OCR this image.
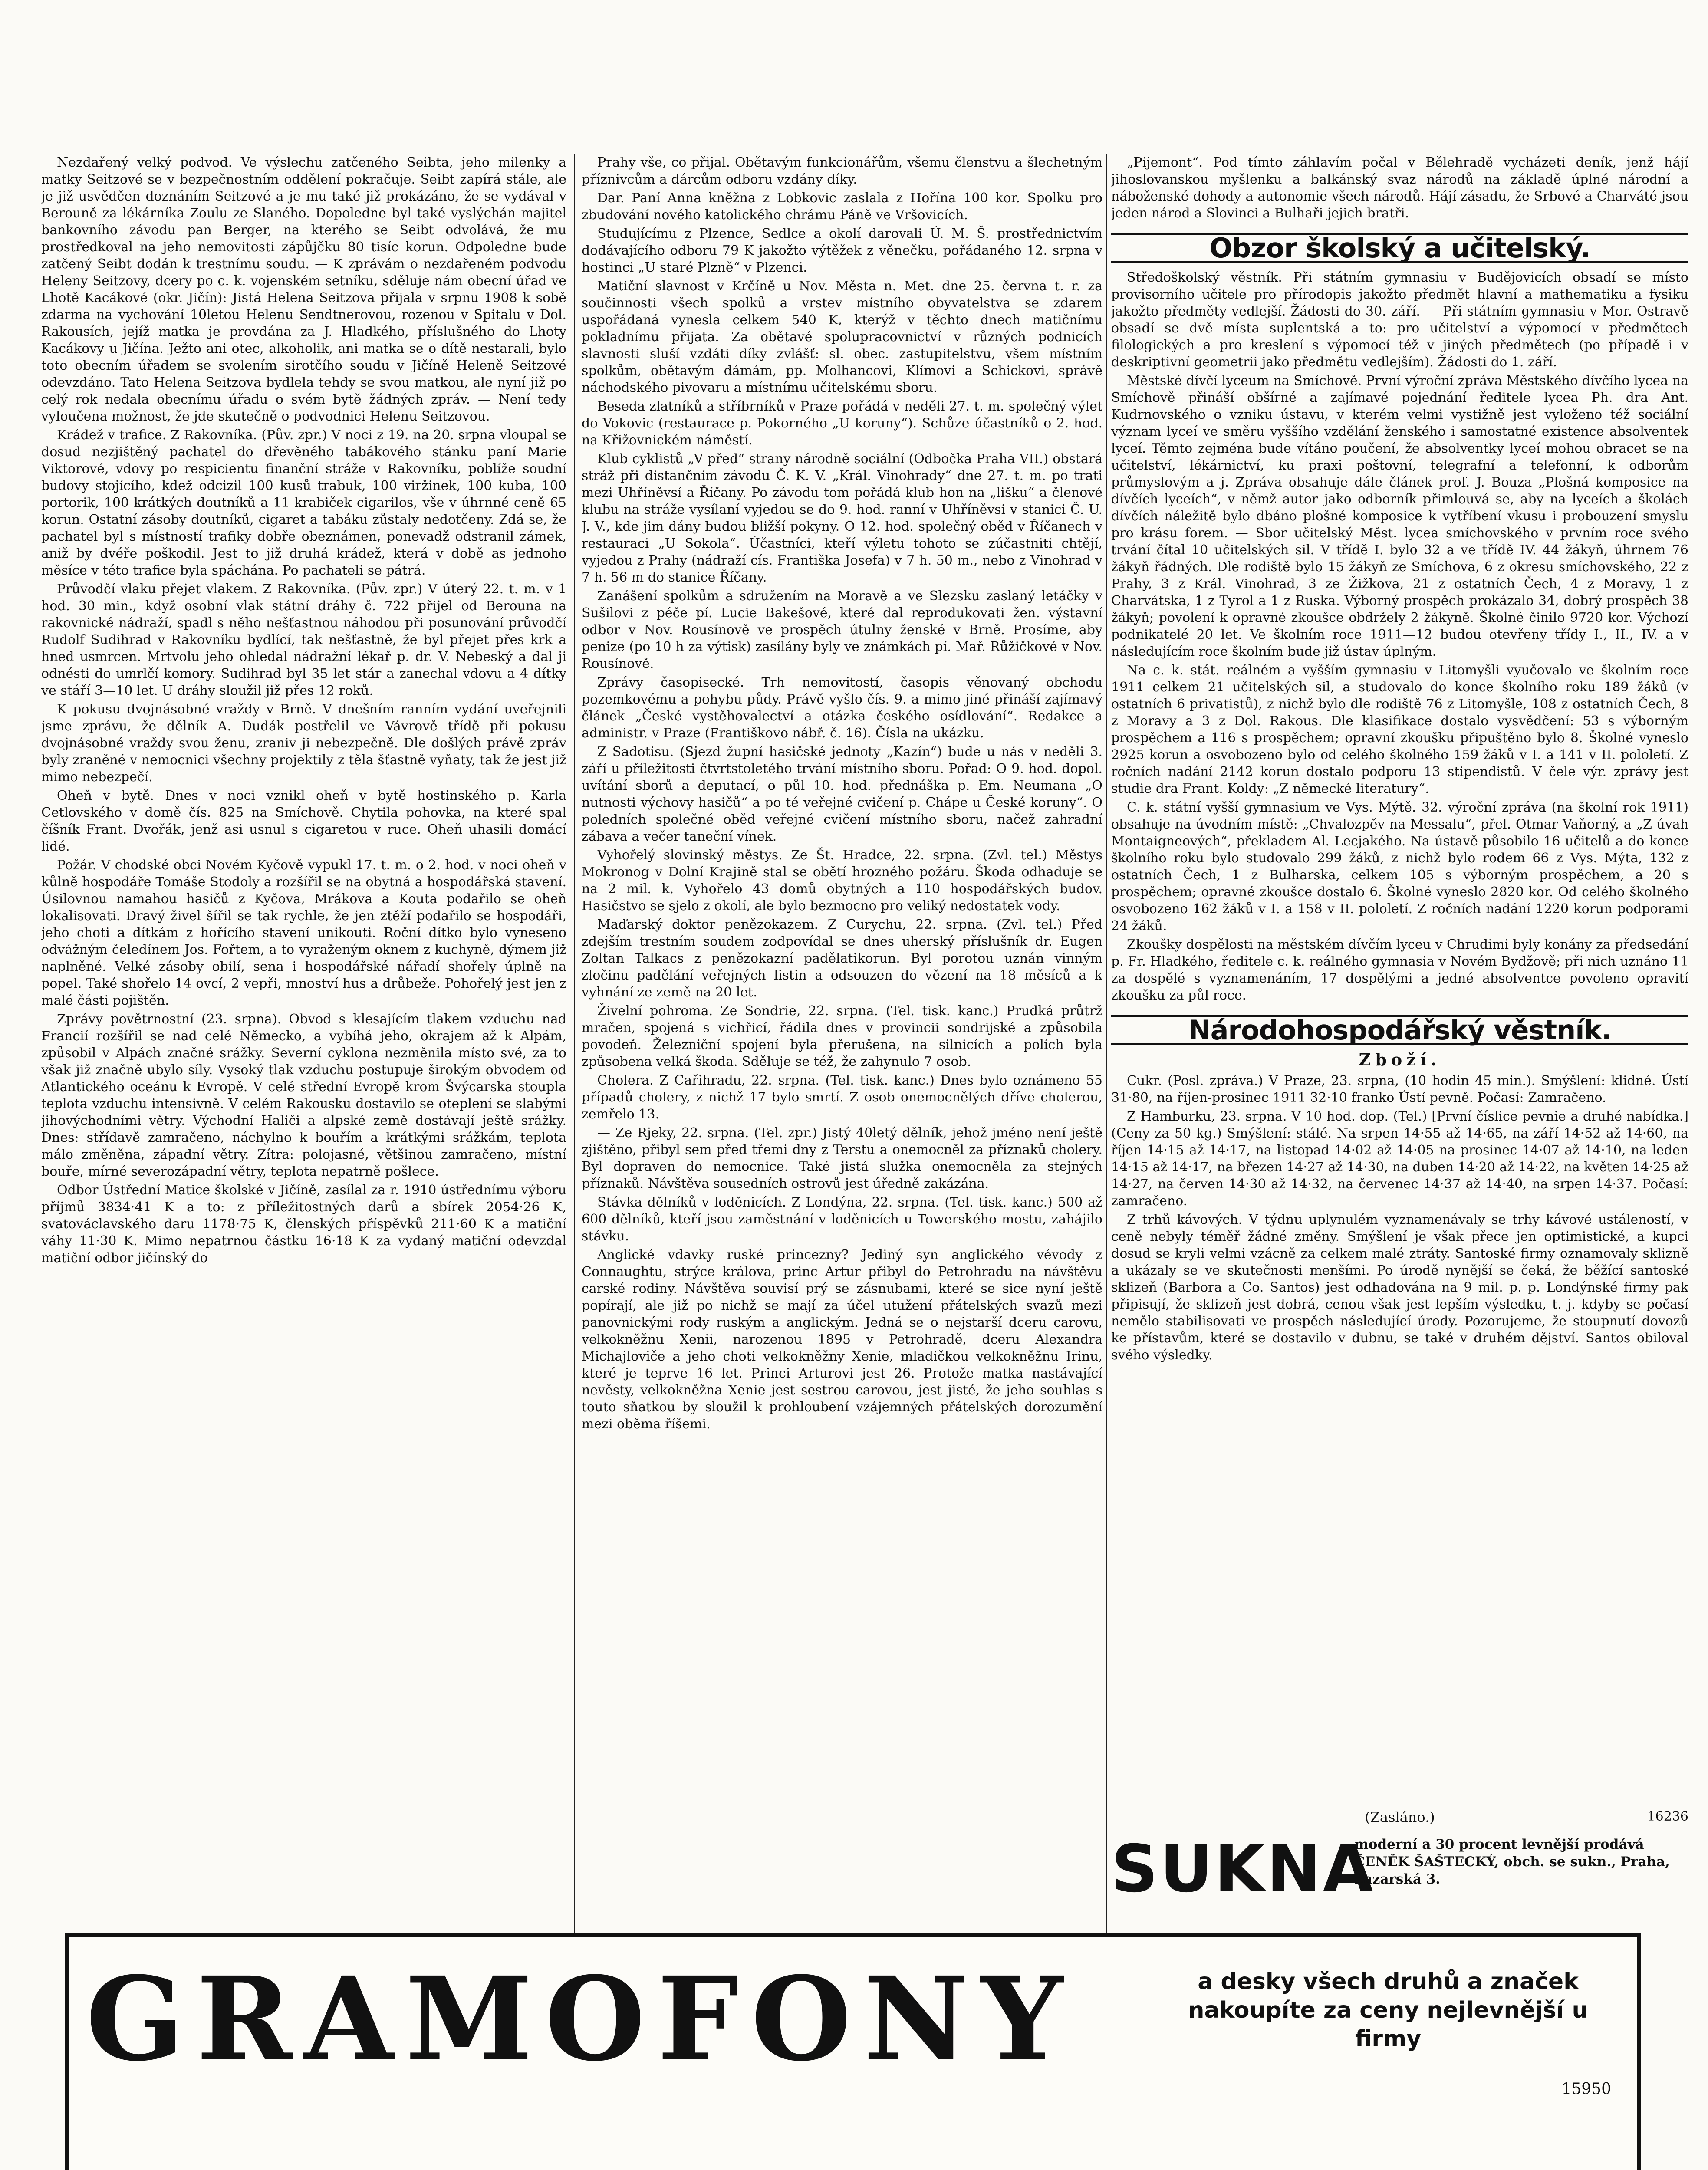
Nezdařený velký podvod. Ve výslechu zatčeného Seibta, jeho milenky a matky Seitzové se v bezpečnostním oddělení pokračuje. Seibt zapírá stále, ale je již usvědčen doznáním Seitzové a je mu také již prokázáno, že se vydával v Berouně za lékárníka Zoulu ze Slaného. Dopoledne byl také vyslýchán majitel bankovního závodu pan Berger, na kterého se Seibt odvolává, že mu prostředkoval na jeho nemovitosti zápůjčku 80 tisíc korun. Odpoledne bude zatčený Seibt dodán k trestnímu soudu. — K zprávám o nezdařeném podvodu Heleny Seitzovy, dcery po c. k. vojenském setníku, sděluje nám obecní úřad ve Lhotě Kacákové (okr. Jičín): Jistá Helena Seitzova přijala v srpnu 1908 k sobě zdarma na vychování 10letou Helenu Sendtnerovou, rozenou v Spitalu v Dol. Rakousích, jejíž matka je provdána za J. Hladkého, příslušného do Lhoty Kacákovy u Jičína. Ježto ani otec, alkoholik, ani matka se o dítě nestarali, bylo toto obecním úřadem se svolením sirotčího soudu v Jičíně Heleně Seitzové odevzdáno. Tato Helena Seitzova bydlela tehdy se svou matkou, ale nyní již po celý rok nedala obecnímu úřadu o svém bytě žádných zpráv. — Není tedy vyloučena možnost, že jde skutečně o podvodnici Helenu Seitzovou.

Krádež v trafice. Z Rakovníka. (Pův. zpr.) V noci z 19. na 20. srpna vloupal se dosud nezjištěný pachatel do dřevěného tabákového stánku paní Marie Viktorové, vdovy po respicientu finanční stráže v Rakovníku, poblíže soudní budovy stojícího, kdež odcizil 100 kusů trabuk, 100 viržinek, 100 kuba, 100 portorik, 100 krátkých doutníků a 11 krabiček cigarilos, vše v úhrnné ceně 65 korun. Ostatní zásoby doutníků, cigaret a tabáku zůstaly nedotčeny. Zdá se, že pachatel byl s místností trafiky dobře obeznámen, ponevadž odstranil zámek, aniž by dvéře poškodil. Jest to již druhá krádež, která v době as jednoho měsíce v této trafice byla spáchána. Po pachateli se pátrá.

Průvodčí vlaku přejet vlakem. Z Rakovníka. (Pův. zpr.) V úterý 22. t. m. v 1 hod. 30 min., když osobní vlak státní dráhy č. 722 přijel od Berouna na rakovnické nádraží, spadl s něho nešťastnou náhodou při posunování průvodčí Rudolf Sudihrad v Rakovníku bydlící, tak nešťastně, že byl přejet přes krk a hned usmrcen. Mrtvolu jeho ohledal nádražní lékař p. dr. V. Nebeský a dal ji odnésti do umrlčí komory. Sudihrad byl 35 let stár a zanechal vdovu a 4 dítky ve stáří 3—10 let. U dráhy sloužil již přes 12 roků.

K pokusu dvojnásobné vraždy v Brně. V dnešním ranním vydání uveřejnili jsme zprávu, že dělník A. Dudák postřelil ve Vávrově třídě při pokusu dvojnásobné vraždy svou ženu, zraniv ji nebezpečně. Dle došlých právě zpráv byly zraněné v nemocnici všechny projektily z těla šťastně vyňaty, tak že jest již mimo nebezpečí.

Oheň v bytě. Dnes v noci vznikl oheň v bytě hostinského p. Karla Cetlovského v domě čís. 825 na Smíchově. Chytila pohovka, na které spal číšník Frant. Dvořák, jenž asi usnul s cigaretou v ruce. Oheň uhasili domácí lidé.

Požár. V chodské obci Novém Kyčově vypukl 17. t. m. o 2. hod. v noci oheň v kůlně hospodáře Tomáše Stodoly a rozšířil se na obytná a hospodářská stavení. Úsilovnou namahou hasičů z Kyčova, Mrákova a Kouta podařilo se oheň lokalisovati. Dravý živel šířil se tak rychle, že jen ztěží podařilo se hospodáři, jeho choti a dítkám z hořícího stavení unikouti. Roční dítko bylo vyneseno odvážným čeledínem Jos. Fořtem, a to vyraženým oknem z kuchyně, dýmem již naplněné. Velké zásoby obilí, sena i hospodářské nářadí shořely úplně na popel. Také shořelo 14 ovcí, 2 vepři, mnoství hus a drůbeže. Pohořelý jest jen z malé části pojištěn.

Zprávy povětrnostní (23. srpna). Obvod s klesajícím tlakem vzduchu nad Francií rozšířil se nad celé Německo, a vybíhá jeho, okrajem až k Alpám, způsobil v Alpách značné srážky. Severní cyklona nezměnila místo své, za to však již značně ubylo síly. Vysoký tlak vzduchu postupuje širokým obvodem od Atlantického oceánu k Evropě. V celé střední Evropě krom Švýcarska stoupla teplota vzduchu intensivně. V celém Rakousku dostavilo se oteplení se slabými jihovýchodními větry. Východní Haliči a alpské země dostávají ještě srážky. Dnes: střídavě zamračeno, náchylno k bouřím a krátkými srážkám, teplota málo změněna, západní větry. Zítra: polojasné, většinou zamračeno, místní bouře, mírné severozápadní větry, teplota nepatrně pošlece.

Odbor Ústřední Matice školské v Jičíně, zasílal za r. 1910 ústřednímu výboru příjmů 3834·41 K a to: z příležitostných darů a sbírek 2054·26 K, svatováclavského daru 1178·75 K, členských příspěvků 211·60 K a matiční váhy 11·30 K. Mimo nepatrnou částku 16·18 K za vydaný matiční odevzdal matiční odbor jičínský do

Prahy vše, co přijal. Obětavým funkcionářům, všemu členstvu a šlechetným příznivcům a dárcům odboru vzdány díky.

Dar. Paní Anna kněžna z Lobkovic zaslala z Hořína 100 kor. Spolku pro zbudování nového katolického chrámu Páně ve Vršovicích.

Studujícímu z Plzence, Sedlce a okolí darovali Ú. M. Š. prostřednictvím dodávajícího odboru 79 K jakožto výtěžek z věnečku, pořádaného 12. srpna v hostinci „U staré Plzně“ v Plzenci.

Matiční slavnost v Krčíně u Nov. Města n. Met. dne 25. června t. r. za součinnosti všech spolků a vrstev místního obyvatelstva se zdarem uspořádaná vynesla celkem 540 K, kterýž v těchto dnech matičnímu pokladnímu přijata. Za obětavé spolupracovnictví v různých podnicích slavnosti sluší vzdáti díky zvlášť: sl. obec. zastupitelstvu, všem místním spolkům, obětavým dámám, pp. Molhancovi, Klímovi a Schickovi, správě náchodského pivovaru a místnímu učitelskému sboru.

Beseda zlatníků a stříbrníků v Praze pořádá v neděli 27. t. m. společný výlet do Vokovic (restaurace p. Pokorného „U koruny“). Schůze účastníků o 2. hod. na Křižovnickém náměstí.

Klub cyklistů „V před“ strany národně sociální (Odbočka Praha VII.) obstará stráž při distančním závodu Č. K. V. „Král. Vinohrady“ dne 27. t. m. po trati mezi Uhříněvsí a Říčany. Po závodu tom pořádá klub hon na „lišku“ a členové klubu na stráže vysílaní vyjedou se do 9. hod. ranní v Uhříněvsi v stanici Č. U. J. V., kde jim dány budou bližší pokyny. O 12. hod. společný oběd v Říčanech v restauraci „U Sokola“. Účastníci, kteří výletu tohoto se zúčastniti chtějí, vyjedou z Prahy (nádraží cís. Františka Josefa) v 7 h. 50 m., nebo z Vinohrad v 7 h. 56 m do stanice Říčany.

Zanášení spolkům a sdružením na Moravě a ve Slezsku zaslaný letáčky v Sušilovi z péče pí. Lucie Bakešové, které dal reprodukovati žen. výstavní odbor v Nov. Rousínově ve prospěch útulny ženské v Brně. Prosíme, aby penize (po 10 h za výtisk) zasílány byly ve známkách pí. Mař. Růžičkové v Nov. Rousínově.

Zprávy časopisecké. Trh nemovitostí, časopis věnovaný obchodu pozemkovému a pohybu půdy. Právě vyšlo čís. 9. a mimo jiné přináší zajímavý článek „České vystěhovalectví a otázka českého osídlování“. Redakce a administr. v Praze (Františkovo nábř. č. 16). Čísla na ukázku.

Z Sadotisu. (Sjezd župní hasičské jednoty „Kazín“) bude u nás v neděli 3. září u příležitosti čtvrtstoletého trvání místního sboru. Pořad: O 9. hod. dopol. uvítání sborů a deputací, o půl 10. hod. přednáška p. Em. Neumana „O nutnosti výchovy hasičů“ a po té veřejné cvičení p. Chápe u České koruny“. O poledních společné oběd veřejné cvičení místního sboru, načež zahradní zábava a večer taneční vínek.

Vyhořelý slovinský městys. Ze Št. Hradce, 22. srpna. (Zvl. tel.) Městys Mokronog v Dolní Krajině stal se obětí hrozného požáru. Škoda odhaduje se na 2 mil. k. Vyhořelo 43 domů obytných a 110 hospodářských budov. Hasičstvo se sjelo z okolí, ale bylo bezmocno pro veliký nedostatek vody.

Maďarský doktor penězokazem. Z Curychu, 22. srpna. (Zvl. tel.) Před zdejším trestním soudem zodpovídal se dnes uherský příslušník dr. Eugen Zoltan Talkacs z penězokazní padělatikorun. Byl porotou uznán vinným zločinu padělání veřejných listin a odsouzen do vězení na 18 měsíců a k vyhnání ze země na 20 let.

Živelní pohroma. Ze Sondrie, 22. srpna. (Tel. tisk. kanc.) Prudká průtrž mračen, spojená s vichřicí, řádila dnes v provincii sondrijské a způsobila povodeň. Železniční spojení byla přerušena, na silnicích a polích byla způsobena velká škoda. Sděluje se též, že zahynulo 7 osob.

Cholera. Z Cařihradu, 22. srpna. (Tel. tisk. kanc.) Dnes bylo oznámeno 55 případů cholery, z nichž 17 bylo smrtí. Z osob onemocnělých dříve cholerou, zemřelo 13.

— Ze Rjeky, 22. srpna. (Tel. zpr.) Jistý 40letý dělník, jehož jméno není ještě zjištěno, přibyl sem před třemi dny z Terstu a onemocněl za příznaků cholery. Byl dopraven do nemocnice. Také jistá služka onemocněla za stejných příznaků. Návštěva sousedních ostrovů jest úředně zakázána.

Stávka dělníků v loděnicích. Z Londýna, 22. srpna. (Tel. tisk. kanc.) 500 až 600 dělníků, kteří jsou zaměstnání v loděnicích u Towerského mostu, zahájilo stávku.

Anglické vdavky ruské princezny? Jediný syn anglického vévody z Connaughtu, strýce králova, princ Artur přibyl do Petrohradu na návštěvu carské rodiny. Návštěva souvisí prý se zásnubami, které se sice nyní ještě popírají, ale již po nichž se mají za účel utužení přátelských svazů mezi panovnickými rody ruským a anglickým. Jedná se o nejstarší dceru carovu, velkokněžnu Xenii, narozenou 1895 v Petrohradě, dceru Alexandra Michajloviče a jeho choti velkokněžny Xenie, mladičkou velkokněžnu Irinu, které je teprve 16 let. Princi Arturovi jest 26. Protože matka nastávající nevěsty, velkokněžna Xenie jest sestrou carovou, jest jisté, že jeho souhlas s touto sňatkou by sloužil k prohloubení vzájemných přátelských dorozumění mezi oběma říšemi.

„Pijemont“. Pod tímto záhlavím počal v Bělehradě vycházeti deník, jenž hájí jihoslovanskou myšlenku a balkánský svaz národů na základě úplné národní a náboženské dohody a autonomie všech národů. Hájí zásadu, že Srbové a Charváté jsou jeden národ a Slovinci a Bulhaři jejich bratři.

Obzor školský a učitelský.

Středoškolský věstník. Při státním gymnasiu v Budějovicích obsadí se místo provisorního učitele pro přírodopis jakožto předmět hlavní a mathematiku a fysiku jakožto předměty vedlejší. Žádosti do 30. září. — Při státním gymnasiu v Mor. Ostravě obsadí se dvě místa suplentská a to: pro učitelství a výpomocí v předmětech filologických a pro kreslení s výpomocí též v jiných předmětech (po případě i v deskriptivní geometrii jako předmětu vedlejším). Žádosti do 1. září.

Městské dívčí lyceum na Smíchově. První výroční zpráva Městského dívčího lycea na Smíchově přináší obšírné a zajímavé pojednání ředitele lycea Ph. dra Ant. Kudrnovského o vzniku ústavu, v kterém velmi vystižně jest vyloženo též sociální význam lyceí ve směru vyššího vzdělání ženského i samostatné existence absolventek lyceí. Těmto zejména bude vítáno poučení, že absolventky lyceí mohou obracet se na učitelství, lékárnictví, ku praxi poštovní, telegrafní a telefonní, k odborům průmyslovým a j. Zpráva obsahuje dále článek prof. J. Bouza „Plošná komposice na dívčích lyceích“, v němž autor jako odborník přimlouvá se, aby na lyceích a školách dívčích náležitě bylo dbáno plošné komposice k vytříbení vkusu i probouzení smyslu pro krásu forem. — Sbor učitelský Měst. lycea smíchovského v prvním roce svého trvání čítal 10 učitelských sil. V třídě I. bylo 32 a ve třídě IV. 44 žákyň, úhrnem 76 žákyň řádných. Dle rodiště bylo 15 žákyň ze Smíchova, 6 z okresu smíchovského, 22 z Prahy, 3 z Král. Vinohrad, 3 ze Žižkova, 21 z ostatních Čech, 4 z Moravy, 1 z Charvátska, 1 z Tyrol a 1 z Ruska. Výborný prospěch prokázalo 34, dobrý prospěch 38 žákyň; povolení k opravné zkoušce obdržely 2 žákyně. Školné činilo 9720 kor. Výchozí podnikatelé 20 let. Ve školním roce 1911—12 budou otevřeny třídy I., II., IV. a v následujícím roce školním bude již ústav úplným.

Na c. k. stát. reálném a vyšším gymnasiu v Litomyšli vyučovalo ve školním roce 1911 celkem 21 učitelských sil, a studovalo do konce školního roku 189 žáků (v ostatních 6 privatistů), z nichž bylo dle rodiště 76 z Litomyšle, 108 z ostatních Čech, 8 z Moravy a 3 z Dol. Rakous. Dle klasifikace dostalo vysvědčení: 53 s výborným prospěchem a 116 s prospěchem; opravní zkoušku připuštěno bylo 8. Školné vyneslo 2925 korun a osvobozeno bylo od celého školného 159 žáků v I. a 141 v II. pololetí. Z ročních nadání 2142 korun dostalo podporu 13 stipendistů. V čele výr. zprávy jest studie dra Frant. Koldy: „Z německé literatury“.

C. k. státní vyšší gymnasium ve Vys. Mýtě. 32. výroční zpráva (na školní rok 1911) obsahuje na úvodním místě: „Chvalozpěv na Messalu“, přel. Otmar Vaňorný, a „Z úvah Montaigneových“, překladem Al. Lecjakého. Na ústavě působilo 16 učitelů a do konce školního roku bylo studovalo 299 žáků, z nichž bylo rodem 66 z Vys. Mýta, 132 z ostatních Čech, 1 z Bulharska, celkem 105 s výborným prospěchem, a 20 s prospěchem; opravné zkoušce dostalo 6. Školné vyneslo 2820 kor. Od celého školného osvobozeno 162 žáků v I. a 158 v II. pololetí. Z ročních nadání 1220 korun podporami 24 žáků.

Zkoušky dospělosti na městském dívčím lyceu v Chrudimi byly konány za předsedání p. Fr. Hladkého, ředitele c. k. reálného gymnasia v Novém Bydžově; při nich uznáno 11 za dospělé s vyznamenáním, 17 dospělými a jedné absolventce povoleno opravití zkoušku za půl roce.

Národohospodářský věstník.
Zboží.

Cukr. (Posl. zpráva.) V Praze, 23. srpna, (10 hodin 45 min.). Smýšlení: klidné. Ústí 31·80, na říjen-prosinec 1911 32·10 franko Ústí pevně. Počasí: Zamračeno.

Z Hamburku, 23. srpna. V 10 hod. dop. (Tel.) [První číslice pevnie a druhé nabídka.] (Ceny za 50 kg.) Smýšlení: stálé. Na srpen 14·55 až 14·65, na září 14·52 až 14·60, na říjen 14·15 až 14·17, na listopad 14·02 až 14·05 na prosinec 14·07 až 14·10, na leden 14·15 až 14·17, na březen 14·27 až 14·30, na duben 14·20 až 14·22, na květen 14·25 až 14·27, na červen 14·30 až 14·32, na červenec 14·37 až 14·40, na srpen 14·37. Počasí: zamračeno.

Z trhů kávových. V týdnu uplynulém vyznamenávaly se trhy kávové ustáleností, v ceně nebyly téměř žádné změny. Smýšlení je však přece jen optimistické, a kupci dosud se kryli velmi vzácně za celkem malé ztráty. Santoské firmy oznamovaly sklizně a ukázaly se ve skutečnosti menšími. Po úrodě nynější se čeká, že běžící santoské sklizeň (Barbora a Co. Santos) jest odhadována na 9 mil. p. p. Londýnské firmy pak připisují, že sklizeň jest dobrá, cenou však jest lepším výsledku, t. j. kdyby se počasí nemělo stabilisovati ve prospěch následující úrody. Pozorujeme, že stoupnutí dovozů ke přístavům, které se dostavilo v dubnu, se také v druhém dějství. Santos obiloval svého výsledky.

(Zasláno.)	16236
SUKNA
moderní a 30 procent levnější prodává ČENĚK ŠAŠTECKÝ, obch. se sukn., Praha, Lazarská 3.
GRAMOFONY	a desky všech druhů a značek nakoupíte za ceny nejlevnější u firmy
15950
